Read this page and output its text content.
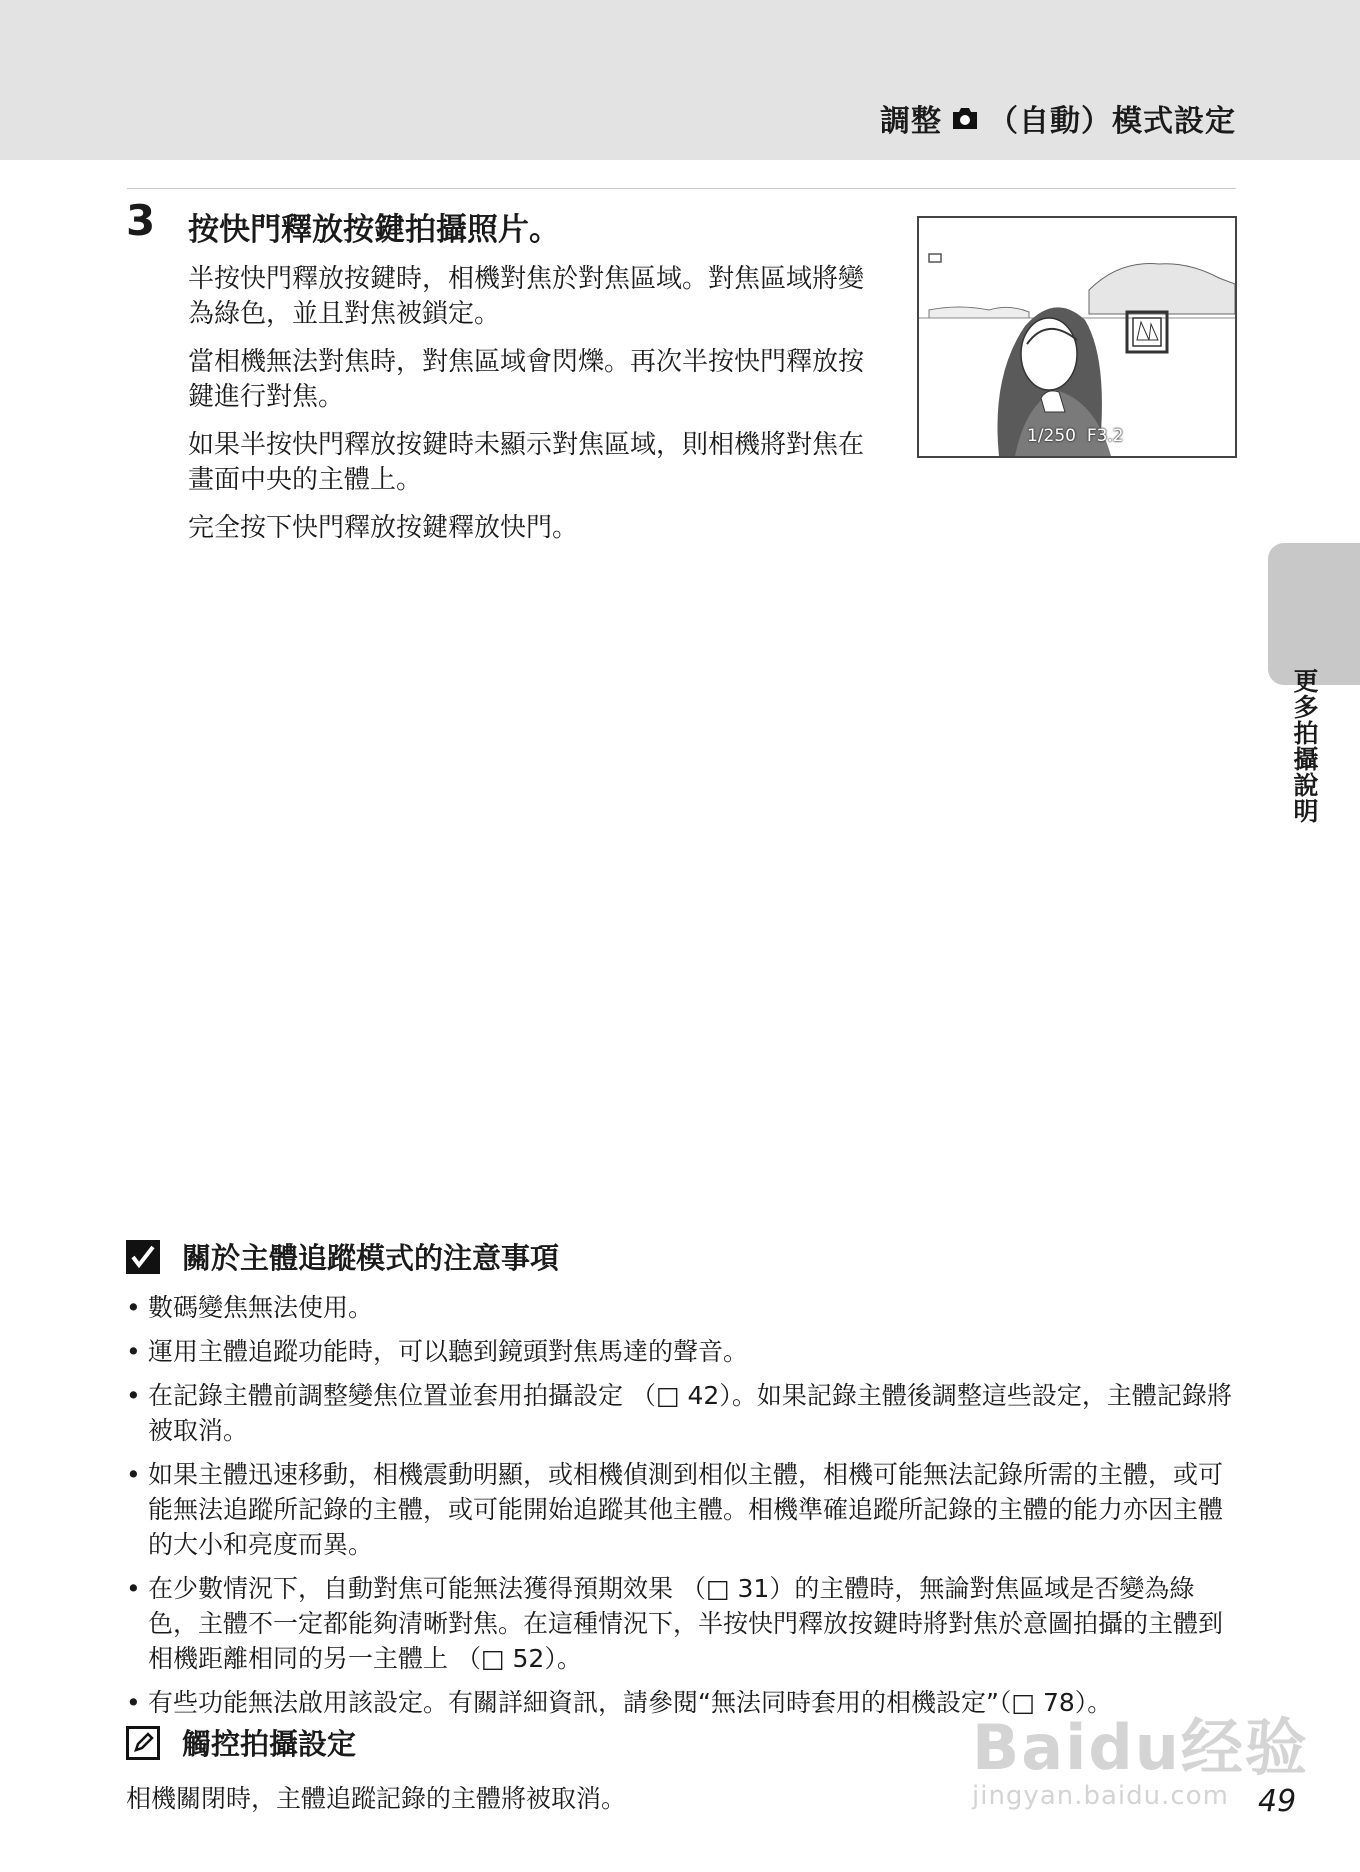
調整 （自動）模式設定
3 按快門釋放按鍵拍攝照片。

半按快門釋放按鍵時，相機對焦於對焦區域。對焦區域將變為綠色，並且對焦被鎖定。

當相機無法對焦時，對焦區域會閃爍。再次半按快門釋放按鍵進行對焦。

如果半按快門釋放按鍵時未顯示對焦區域，則相機將對焦在畫面中央的主體上。

完全按下快門釋放按鍵釋放快門。

1/250 F3.2
更多拍攝說明
關於主體追蹤模式的注意事項
• 數碼變焦無法使用。
• 運用主體追蹤功能時，可以聽到鏡頭對焦馬達的聲音。
• 在記錄主體前調整變焦位置並套用拍攝設定 （□ 42）。如果記錄主體後調整這些設定，主體記錄將被取消。
• 如果主體迅速移動，相機震動明顯，或相機偵測到相似主體，相機可能無法記錄所需的主體，或可能無法追蹤所記錄的主體，或可能開始追蹤其他主體。相機準確追蹤所記錄的主體的能力亦因主體的大小和亮度而異。
• 在少數情況下，自動對焦可能無法獲得預期效果 （□ 31）的主體時，無論對焦區域是否變為綠色，主體不一定都能夠清晰對焦。在這種情況下，半按快門釋放按鍵時將對焦於意圖拍攝的主體到相機距離相同的另一主體上 （□ 52）。
• 有些功能無法啟用該設定。有關詳細資訊，請參閱“無法同時套用的相機設定”（□ 78）。
觸控拍攝設定
相機關閉時，主體追蹤記錄的主體將被取消。	49
Baidu经验
jingyan.baidu.com
